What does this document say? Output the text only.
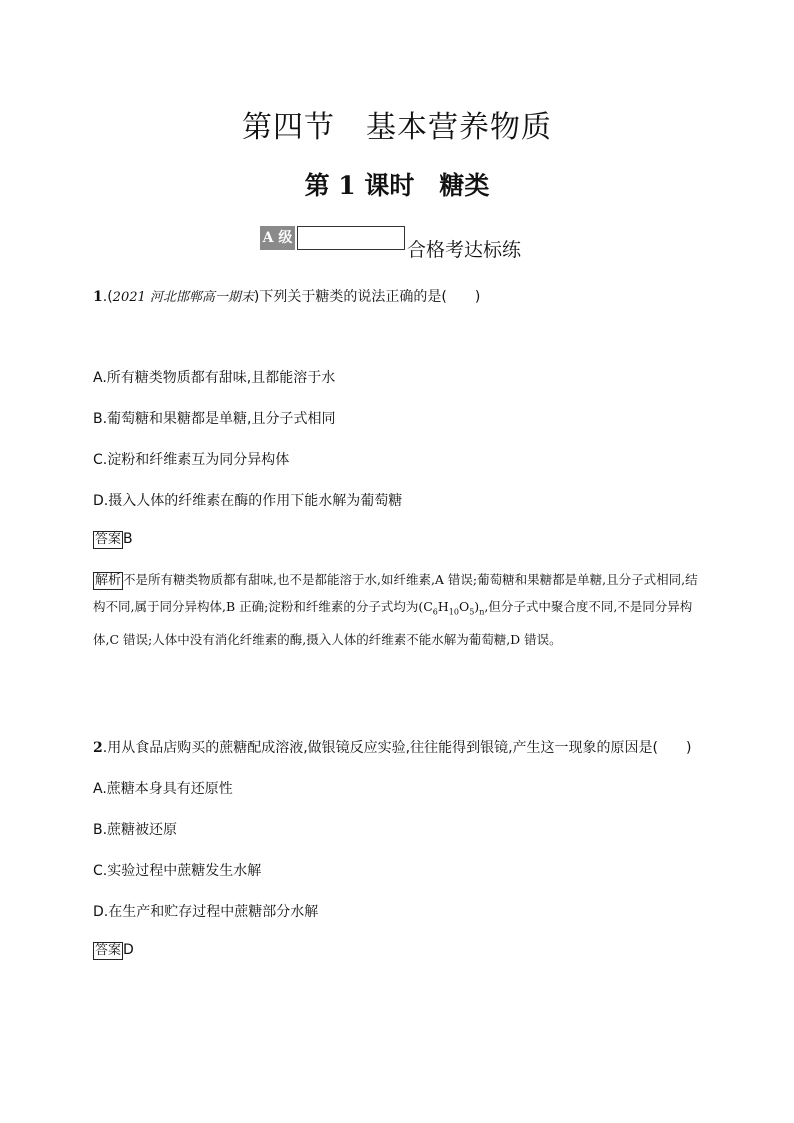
第四节　基本营养物质
第 1 课时　糖类
A 级
合格考达标练
1.(2021 河北邯郸高一期末)下列关于糖类的说法正确的是(　　)
A.所有糖类物质都有甜味,且都能溶于水
B.葡萄糖和果糖都是单糖,且分子式相同
C.淀粉和纤维素互为同分异构体
D.摄入人体的纤维素在酶的作用下能水解为葡萄糖
答案 B
解析 不是所有糖类物质都有甜味,也不是都能溶于水,如纤维素,A 错误;葡萄糖和果糖都是单糖,且分子式相同,结构不同,属于同分异构体,B 正确;淀粉和纤维素的分子式均为$(C_6H_{10}O_5)_n$,但分子式中聚合度不同,不是同分异构体,C 错误;人体中没有消化纤维素的酶,摄入人体的纤维素不能水解为葡萄糖,D 错误。
2.用从食品店购买的蔗糖配成溶液,做银镜反应实验,往往能得到银镜,产生这一现象的原因是(　　)
A.蔗糖本身具有还原性
B.蔗糖被还原
C.实验过程中蔗糖发生水解
D.在生产和贮存过程中蔗糖部分水解
答案 D
